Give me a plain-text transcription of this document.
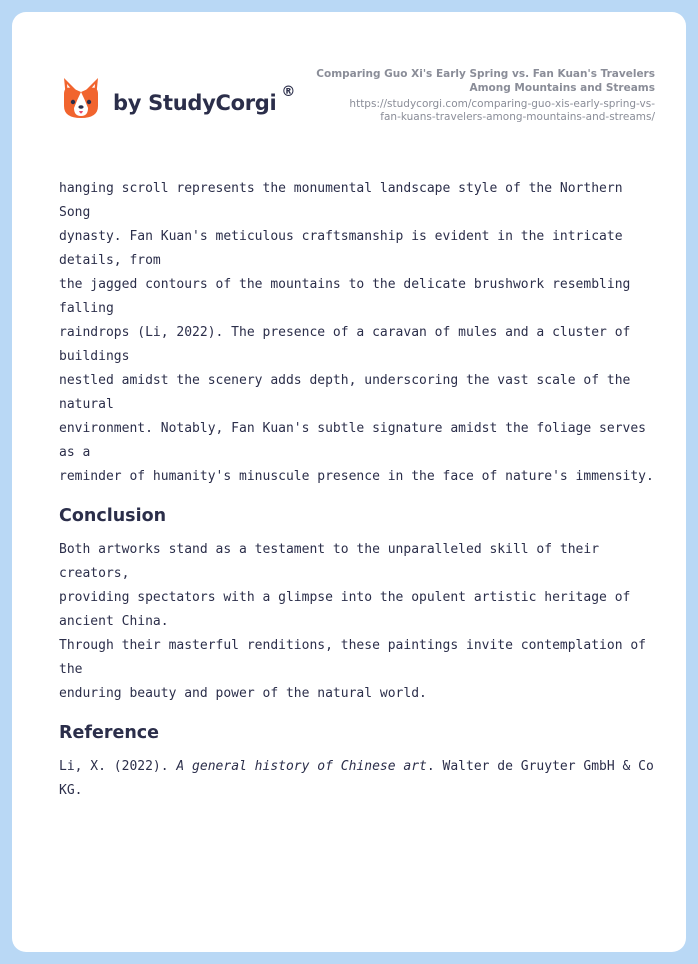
by StudyCorgi ®
Comparing Guo Xi's Early Spring vs. Fan Kuan's Travelers
Among Mountains and Streams
https://studycorgi.com/comparing-guo-xis-early-spring-vs-
fan-kuans-travelers-among-mountains-and-streams/
hanging scroll represents the monumental landscape style of the Northern Song
dynasty. Fan Kuan's meticulous craftsmanship is evident in the intricate details, from
the jagged contours of the mountains to the delicate brushwork resembling falling
raindrops (Li, 2022). The presence of a caravan of mules and a cluster of buildings
nestled amidst the scenery adds depth, underscoring the vast scale of the natural
environment. Notably, Fan Kuan's subtle signature amidst the foliage serves as a
reminder of humanity's minuscule presence in the face of nature's immensity.
Conclusion
Both artworks stand as a testament to the unparalleled skill of their creators,
providing spectators with a glimpse into the opulent artistic heritage of ancient China.
Through their masterful renditions, these paintings invite contemplation of the
enduring beauty and power of the natural world.
Reference
Li, X. (2022). A general history of Chinese art. Walter de Gruyter GmbH & Co KG.
